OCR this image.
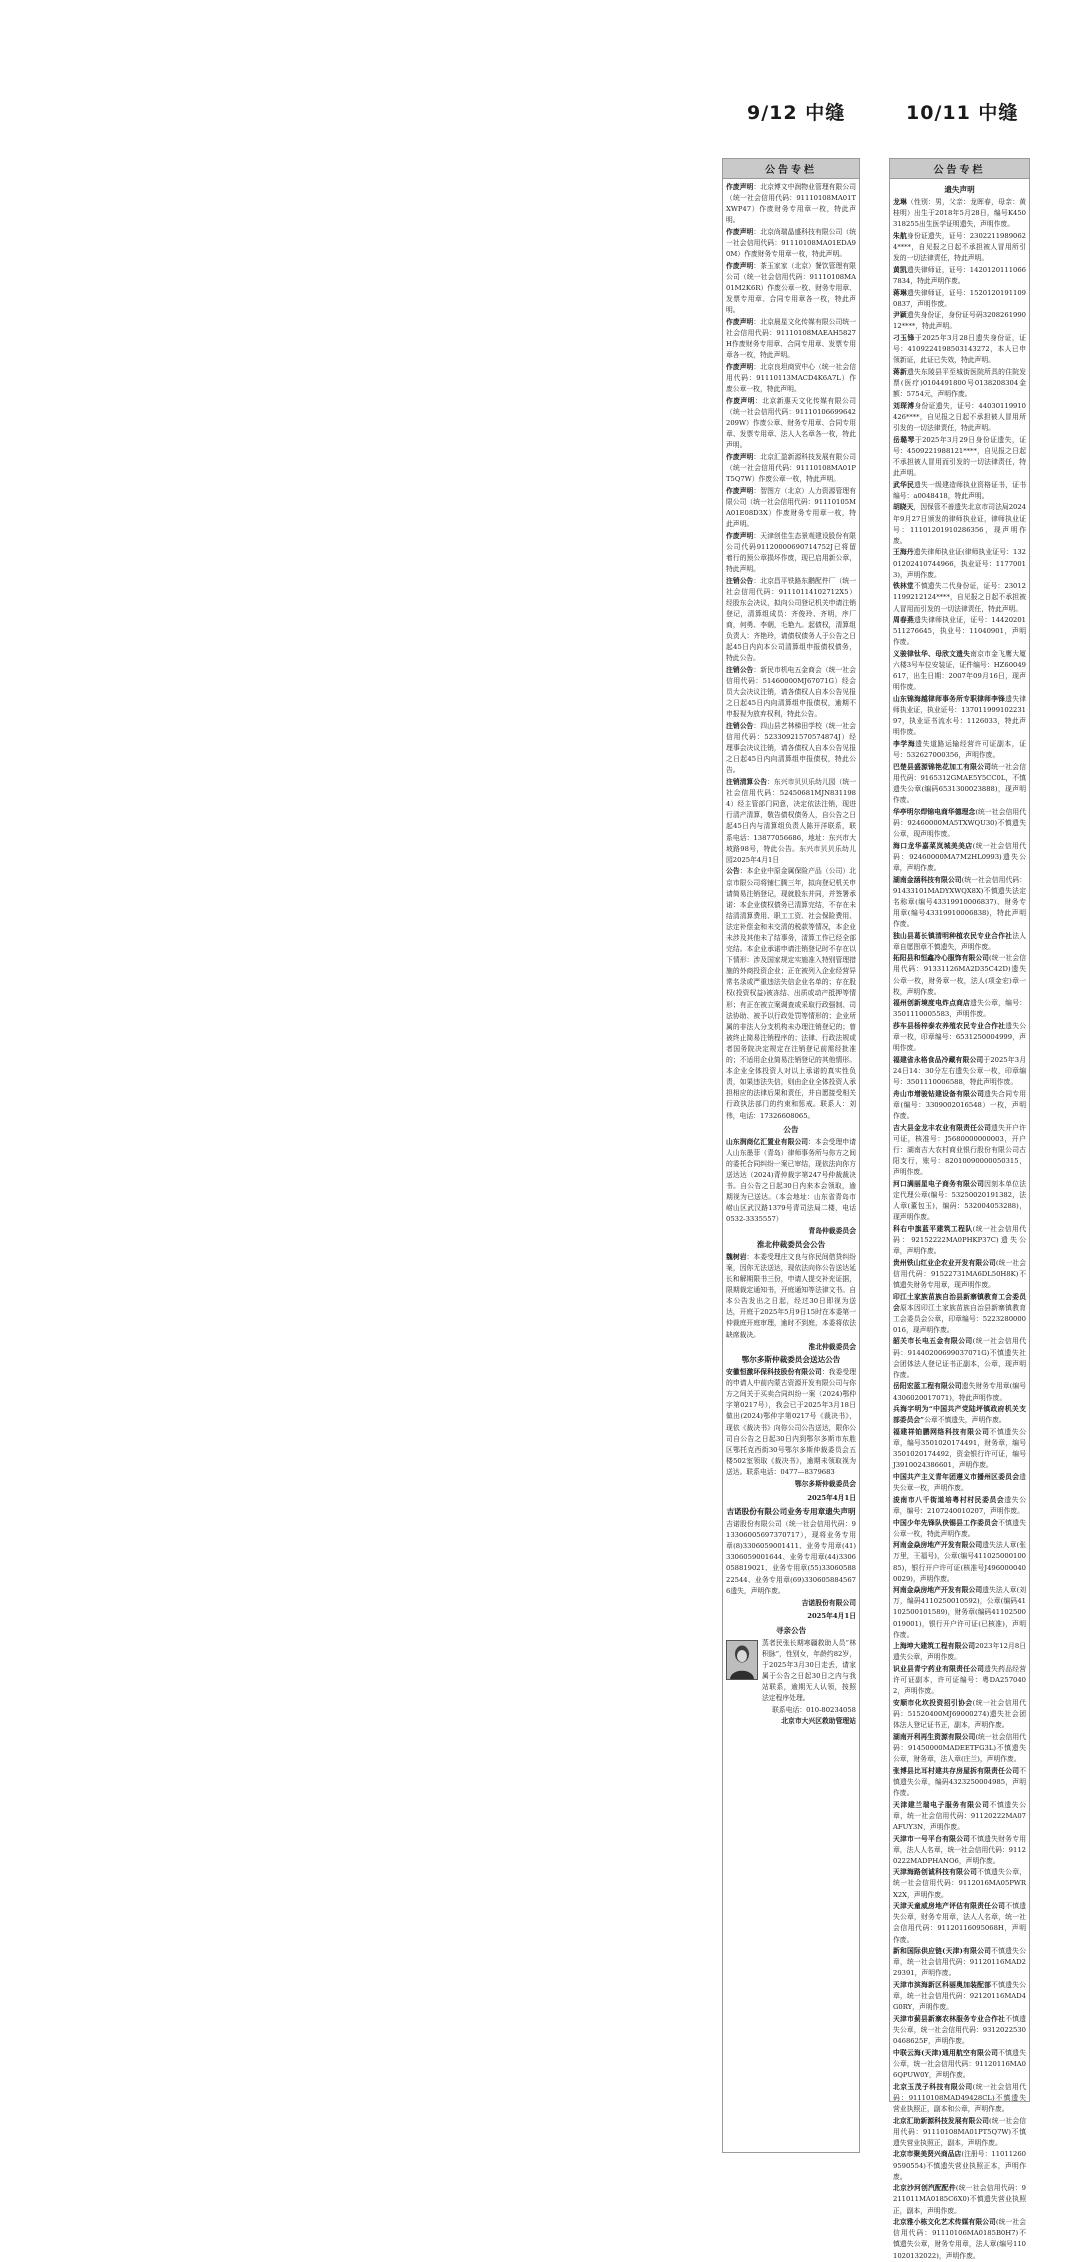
9/12 中缝	10/11 中缝
公告专栏

作废声明：北京博文中润物业管理有限公司（统一社会信用代码：91110108MA01TXWP47）作废财务专用章一枚，特此声明。

作废声明：北京尚瑞晶盛科技有限公司（统一社会信用代码：91110108MA01EDA90M）作废财务专用章一枚，特此声明。

作废声明：茶玉家家（北京）餐饮管理有限公司（统一社会信用代码：91110108MA01M2K6R）作废公章一枚、财务专用章、发票专用章、合同专用章各一枚，特此声明。

作废声明：北京晨星文化传媒有限公司统一社会信用代码：91110108MAEAH5827H作废财务专用章、合同专用章、发票专用章各一枚，特此声明。

作废声明：北京良坦商贸中心（统一社会信用代码：91110113MACD4K6A7L）作废公章一枚，特此声明。

作废声明：北京新惠天文化传媒有限公司（统一社会信用代码：91110106699642209W）作废公章、财务专用章、合同专用章、发票专用章、法人人名章各一枚，特此声明。

作废声明：北京汇盈新源科技发展有限公司（统一社会信用代码：91110108MA01PT5Q7W）作废公章一枚，特此声明。

作废声明：智图方（北京）人力资源管理有限公司（统一社会信用代码：91110105MA01E08D3X）作废财务专用章一枚，特此声明。

作废声明：天津创佳生态景观建设股份有限公司代码91120000690714752J已将留着行的预公章损坏作废，现已启用新公章，特此声明。

注销公告：北京昌平铁路东鹏配件厂（统一社会信用代码：91110114102712X5）经股东会决议，拟向公司登记机关申请注销登记，清算组成员：齐俊玲、齐明，序厂商，何勇、李朝，毛艳九。起债权，清算组负责人：齐艳玲，请债权债务人于公告之日起45日内向本公司清算组申报债权债务，特此公告。

注销公告：新民市机电五金商会（统一社会信用代码：51460000MJ67071G）经会员大会决议注销，请各债权人自本公告见报之日起45日内向清算组申报债权，逾期不申报视为放弃权利，特此公告。

注销公告：四山县艺林梯田学校（统一社会信用代码：52330921570574874J）经理事会决议注销，请各债权人自本公告见报之日起45日内向清算组申报债权，特此公告。

注销清算公告：东兴市贝贝乐幼儿园（统一社会信用代码：52450681MJN8311984）经主管部门同意，决定依法注销，现进行清产清算，敬告债权债务人，自公告之日起45日内与清算组负责人陈开洋联系，联系电话：13877056686，地址：东兴市大坡路98号，特此公告。东兴市贝贝乐幼儿园2025年4月1日

公告：本企业中原金属保险产品（公司）北京市限公司将铺仁腾三年，拟向登记机关申请简易注销登记，现就股东并同，并签署承诺：本企业债权债务已清算完结，不存在未结清清算费用、职工工资、社会保险费用、法定补偿金和未交清的税款等情况，本企业未涉及其他未了结事务，清算工作已经全部完结。本企业承诺申请注销登记时不存在以下情形：涉及国家规定实施准入特别管理措施的外商投资企业；正在被列入企业经营异常名录或严重违法失信企业名单的；存在股权(投资权益)被冻结、出质或动产抵押等情形；有正在被立案调查或采取行政强制、司法协助、被予以行政处罚等情形的；企业所属的非法人分支机构未办理注销登记的；曾被终止简易注销程序的；法律、行政法规或者国务院决定规定在注销登记前需经批准的；不适用企业简易注销登记的其他情形。本企业全体投资人对以上承诺的真实性负责，如果违法失信，则由企业全体投资人承担相应的法律后果和责任，并自愿接受相关行政执法部门的约束和惩戒。联系人：刘伟，电话：17326608065。

公告

山东润商亿汇置业有限公司：本会受理申请人山东墨菲（青岛）律师事务所与你方之间的委托合同纠纷一案已审结，现依法向你方送达达（2024)青仲裁字第247号仲裁裁决书。自公告之日起30日内来本会领取，逾期视为已送达。（本会地址：山东省青岛市崂山区武汉路1379号青司法局二楼，电话0532-3335557）

青岛仲裁委员会
淮北仲裁委员会公告

魏树岩：本委受理庄文良与你民间借贷纠纷案，因你无法送达，现依法向你公告送达延长和解期限书三份，申请人提交补充证据，限期裁定通知书，开庭通知等法律文书。自本公告发出之日起，经过30日即视为送达，开庭于2025年5月9日15时在本委第一仲裁庭开庭审理，逾时不到庭，本委将依法缺席裁决。

淮北仲裁委员会
鄂尔多斯仲裁委员会送达公告

安徽恒激环保科技股份有限公司：我委受理的申请人中前内蒙古资源开发有限公司与你方之间关于买卖合同纠纷一案（2024)鄂仲字第0217号），我会已于2025年3月18日做出(2024)鄂仲字第0217号《裁决书》，现依《裁决书》向你公司公告送达，限你公司自公告之日起30日内到鄂尔多斯市东胜区鄂托克西街30号鄂尔多斯仲裁委员会五楼502室领取《裁决书》，逾期未领取视为送达。联系电话：0477—8379683

鄂尔多斯仲裁委员会
2025年4月1日
吉诺股份有限公司业务专用章遗失声明

吉诺股份有限公司（统一社会信用代码：913306005697370717），现将业务专用章(8)3306059001411、业务专用章(41)3306059001644、业务专用章(44)3306058819021、业务专用章(55)3306058822544、业务专用章(69)3306058845676遗失，声明作废。

吉诺股份有限公司
2025年4月1日
寻亲公告

蒸者民张长期寒疆救助人员“林积脉”，性别女，年龄约82岁，于2025年3月30日走丢，请家属于公告之日起30日之内与我站联系，逾期无人认领，按照法定程序处理。

联系电话：010-80234058
北京市大兴区救助管理站
公告专栏
遗失声明

龙琳（性别：男，父亲：龙晖春，母亲：黄桂明）出生于2018年5月28日，编号K450318255出生医学证明遗失，声明作废。

朱航身份证遗失，证号：23022119890624****，自见报之日起不承担被人冒用所引发的一切法律责任，特此声明。

黄凯遗失律师证，证号：14201201110667834，特此声明作废。

蒋琳遗失律师证，证号：15201201911090837，声明作废。

尹颖遗失身份证，身份证号码320826199012****，特此声明。

刁玉锋于2025年3月28日遗失身份证，证号：4109224198503143272，本人已申领新证，此证已失效，特此声明。

蒋新遗失东陵县平至城街医院所具的住院发票(医疗)0104491800号0138208304金额：5754元，声明作废。

刘琛溥身份证遗失，证号：44030119910426****，自见报之日起不承担被人冒用所引发的一切法律责任，特此声明。

岳璐琴于2025年3月29日身份证遗失，证号：4509221988121****，自见报之日起不承担被人冒用而引发的一切法律责任，特此声明。

武华民遗失一级建造师执业资格证书，证书编号：a0048418，特此声明。

胡晓天，因保管不善遗失北京市司法局2024年9月27日颁发的律师执业证，律师执业证号：11101201910286356，现声明作废。

王海丹遗失律师执业证(律师执业证号：13201202410744966，执业证号：11770013)，声明作废。

铁林堂不慎遗失二代身份证，证号：230121199212124****，自见报之日起不承担被人冒用而引发的一切法律责任，特此声明。

周春燕遗失律师执业证，证号：14420201511276645，执业号：11040901，声明作废。

义骏律钛华、母欣文遗失南京市金飞鹰大厦六楼3号车位安装证，证件编号：HZ60049617，出生日期：2007年09月16日，现声明作废。

山东锦海越律师事务所专职律师李锋遗失律师执业证，执业证号：13701199910223197，执业证书流水号：1126033，特此声明作废。

李学海遗失道路运输经营许可证副本，证号：532627000356，声明作废。

巴楚县盛源锦艳花加工有限公司统一社会信用代码：9165312GMAE5Y5CC0L，不慎遗失公章(编码6531300023888)，现声明作废。

华亭明尔焊锦电商华德理念(统一社会信用代码：92460000MA5TXWQU30)不慎遗失公章，现声明作废。

海口龙华嘉菜岚城美美店(统一社会信用代码：92460000MA7M2HL0993)遗失公章，声明作废。

湖南金涵科技有限公司(统一社会信用代码：91433101MADYXWQX8X)不慎遗失法定名称章(编号43319910006837)、财务专用章(编号43319910006838)，特此声明作废。

独山县葛长镇清明种植农民专业合作社法人章自愿图章不慎遗失，声明作废。

拓阳县和恒鑫冷心服饰有限公司(统一社会信用代码：91331126MA2D35C42D)遗失公章一枚，财务章一枚，法人(项金宏)章一枚，声明作废。

福州创新境度电炸点商店遗失公章，编号：3501110005583，声明作废。

莎车县杨梓泰农养殖农民专业合作社遗失公章一枚，印章编号：6531250004999，声明作废。

福建省永格食品冷藏有限公司于2025年3月24日14：30分左右遗失公章一枚，印章编号：3501110006588，特此声明作废。

舟山市增骏钻建设备有限公司遗失合同专用章(编号：3309002016548）一枚，声明作废。

吉大县金龙丰农业有限责任公司遗失开户许可证，核准号：J5680000000003，开户行：湖南吉大农村商业银行股份有限公司古阳支行，账号：82010090000050315，声明作废。

河口满丽星电子商务有限公司因刻本单位法定代理公章(编号：53250020191382，法人章(董包玉)，编码：532004053288)，现声明作废。

科右中旗蓝平建筑工程队(统一社会信用代码：92152222MA0PHKP37C)遗失公章，声明作废。

贵州铁山红业企农业开发有限公司(统一社会信用代码：91522731MA6DL50H8K)不慎遗失财务专用章，现声明作废。

印江土家族苗族自治县新寨镇教育工会委员会原本因印江土家族苗族自治县新寨镇教育工会委员会公章，印章编号：5223280000016，现声明作废。

韶关市长电五金有限公司(统一社会信用代码：91440200699037071G)不慎遗失社会团体法人登记证书正副本，公章，现声明作废。

岳阳宏蓝工程有限公司遗失财务专用章(编号4306020017071)，特此声明作废。

兵海字明为“中国共产党陆坪镇政府机关支部委员会”公章不慎遗失，声明作废。

福建祥铂鹏网络科技有限公司不慎遗失公章，编号3501020174491，财务章，编号3501020174492，资金银行许可证，编号J3910024386601，声明作废。

中国共产主义青年团遵义市播州区委员会遗失公章一枚，声明作废。

浚南市八千街道培粤村村民委员会遗失公章，编号：2107240010207，声明作废。

中国少年先锋队侠锡县工作委员会不慎遗失公章一枚，特此声明作废。

河南金焱房地产开发有限公司遗失法人章(张万里，王福号)，公章(编号41102500010085)，银行开户许可证(核准号J4960000400029)，声明作废。

河南金焱房地产开发有限公司遗失法人章(刘万，编码4110250010592)，公章(编码41102500101589)，财务章(编码41102500019001)，银行开户许可证(已核准)，声明作废。

上海坤大建筑工程有限公司2023年12月8日遗失公章，声明作废。

识业县青宁药业有限责任公司遗失药品经营许可证副本，许可证编号：粤DA2570402，声明作废。

安顺市化坎投资招引协会(统一社会信用代码：51520400MJ69000274)遗失社会团体法人登记证书正，副本，声明作废。

湖南开利再生资源有限公司(统一社会信用代码：91450000MADEETFG3L)不慎遗失公章，财务章，法人章(庄兰)，声明作废。

张博县比耳村建共存房屋拆有限责任公司不慎遗失公章，编码4323250004985，声明作废。

天津建兰瑞电子服务有限公司不慎遗失公章，统一社会信用代码：91120222MA07AFUY3N，声明作废。

天津市一号平台有限公司不慎遗失财务专用章，法人人名章，统一社会信用代码：91120222MADPHANO6，声明作废。

天津海路创诚科技有限公司不慎遗失公章，统一社会信用代码：9112016MA05PWRX2X，声明作废。

天津天童威房地产评估有限责任公司不慎遗失公章，财务专用章，法人人名章，统一社会信用代码：91120116095068H，声明作废。

新和国际供应链(天津)有限公司不慎遗失公章，统一社会信用代码：91120116MAD229391，声明作废。

天津市滨海新区科丽奥加装配部不慎遗失公章，统一社会信用代码：92120116MAD4G0RY，声明作废。

天津市蓟县新寨农林服务专业合作社不慎遗失公章，统一社会信用代码：93120225300468625F，声明作废。

中联云海(天津)通用航空有限公司不慎遗失公章，统一社会信用代码：91120116MA06QPUW0Y，声明作废。

北京玉茂子科技有限公司(统一社会信用代码：91110108MAD49428CL)不慎遗失营业执照正，副本和公章，声明作废。

北京汇助新源科技发展有限公司(统一社会信用代码：91110108MA01PT5Q7W)不慎遗失营业执照正，副本，声明作废。

北京市聚美贤兴商品店(注册号：110112609590554)不慎遗失营业执照正本，声明作废。

北京沙河创汽配配件(统一社会信用代码：9211011MA0185C6X0)不慎遗失营业执照正，副本，声明作废。

北京雅小栋文化艺术传媒有限公司(统一社会信用代码：91110106MA0185B0H7)不慎遗失公章，财务专用章，法人章(编号1101020132022)，声明作废。
